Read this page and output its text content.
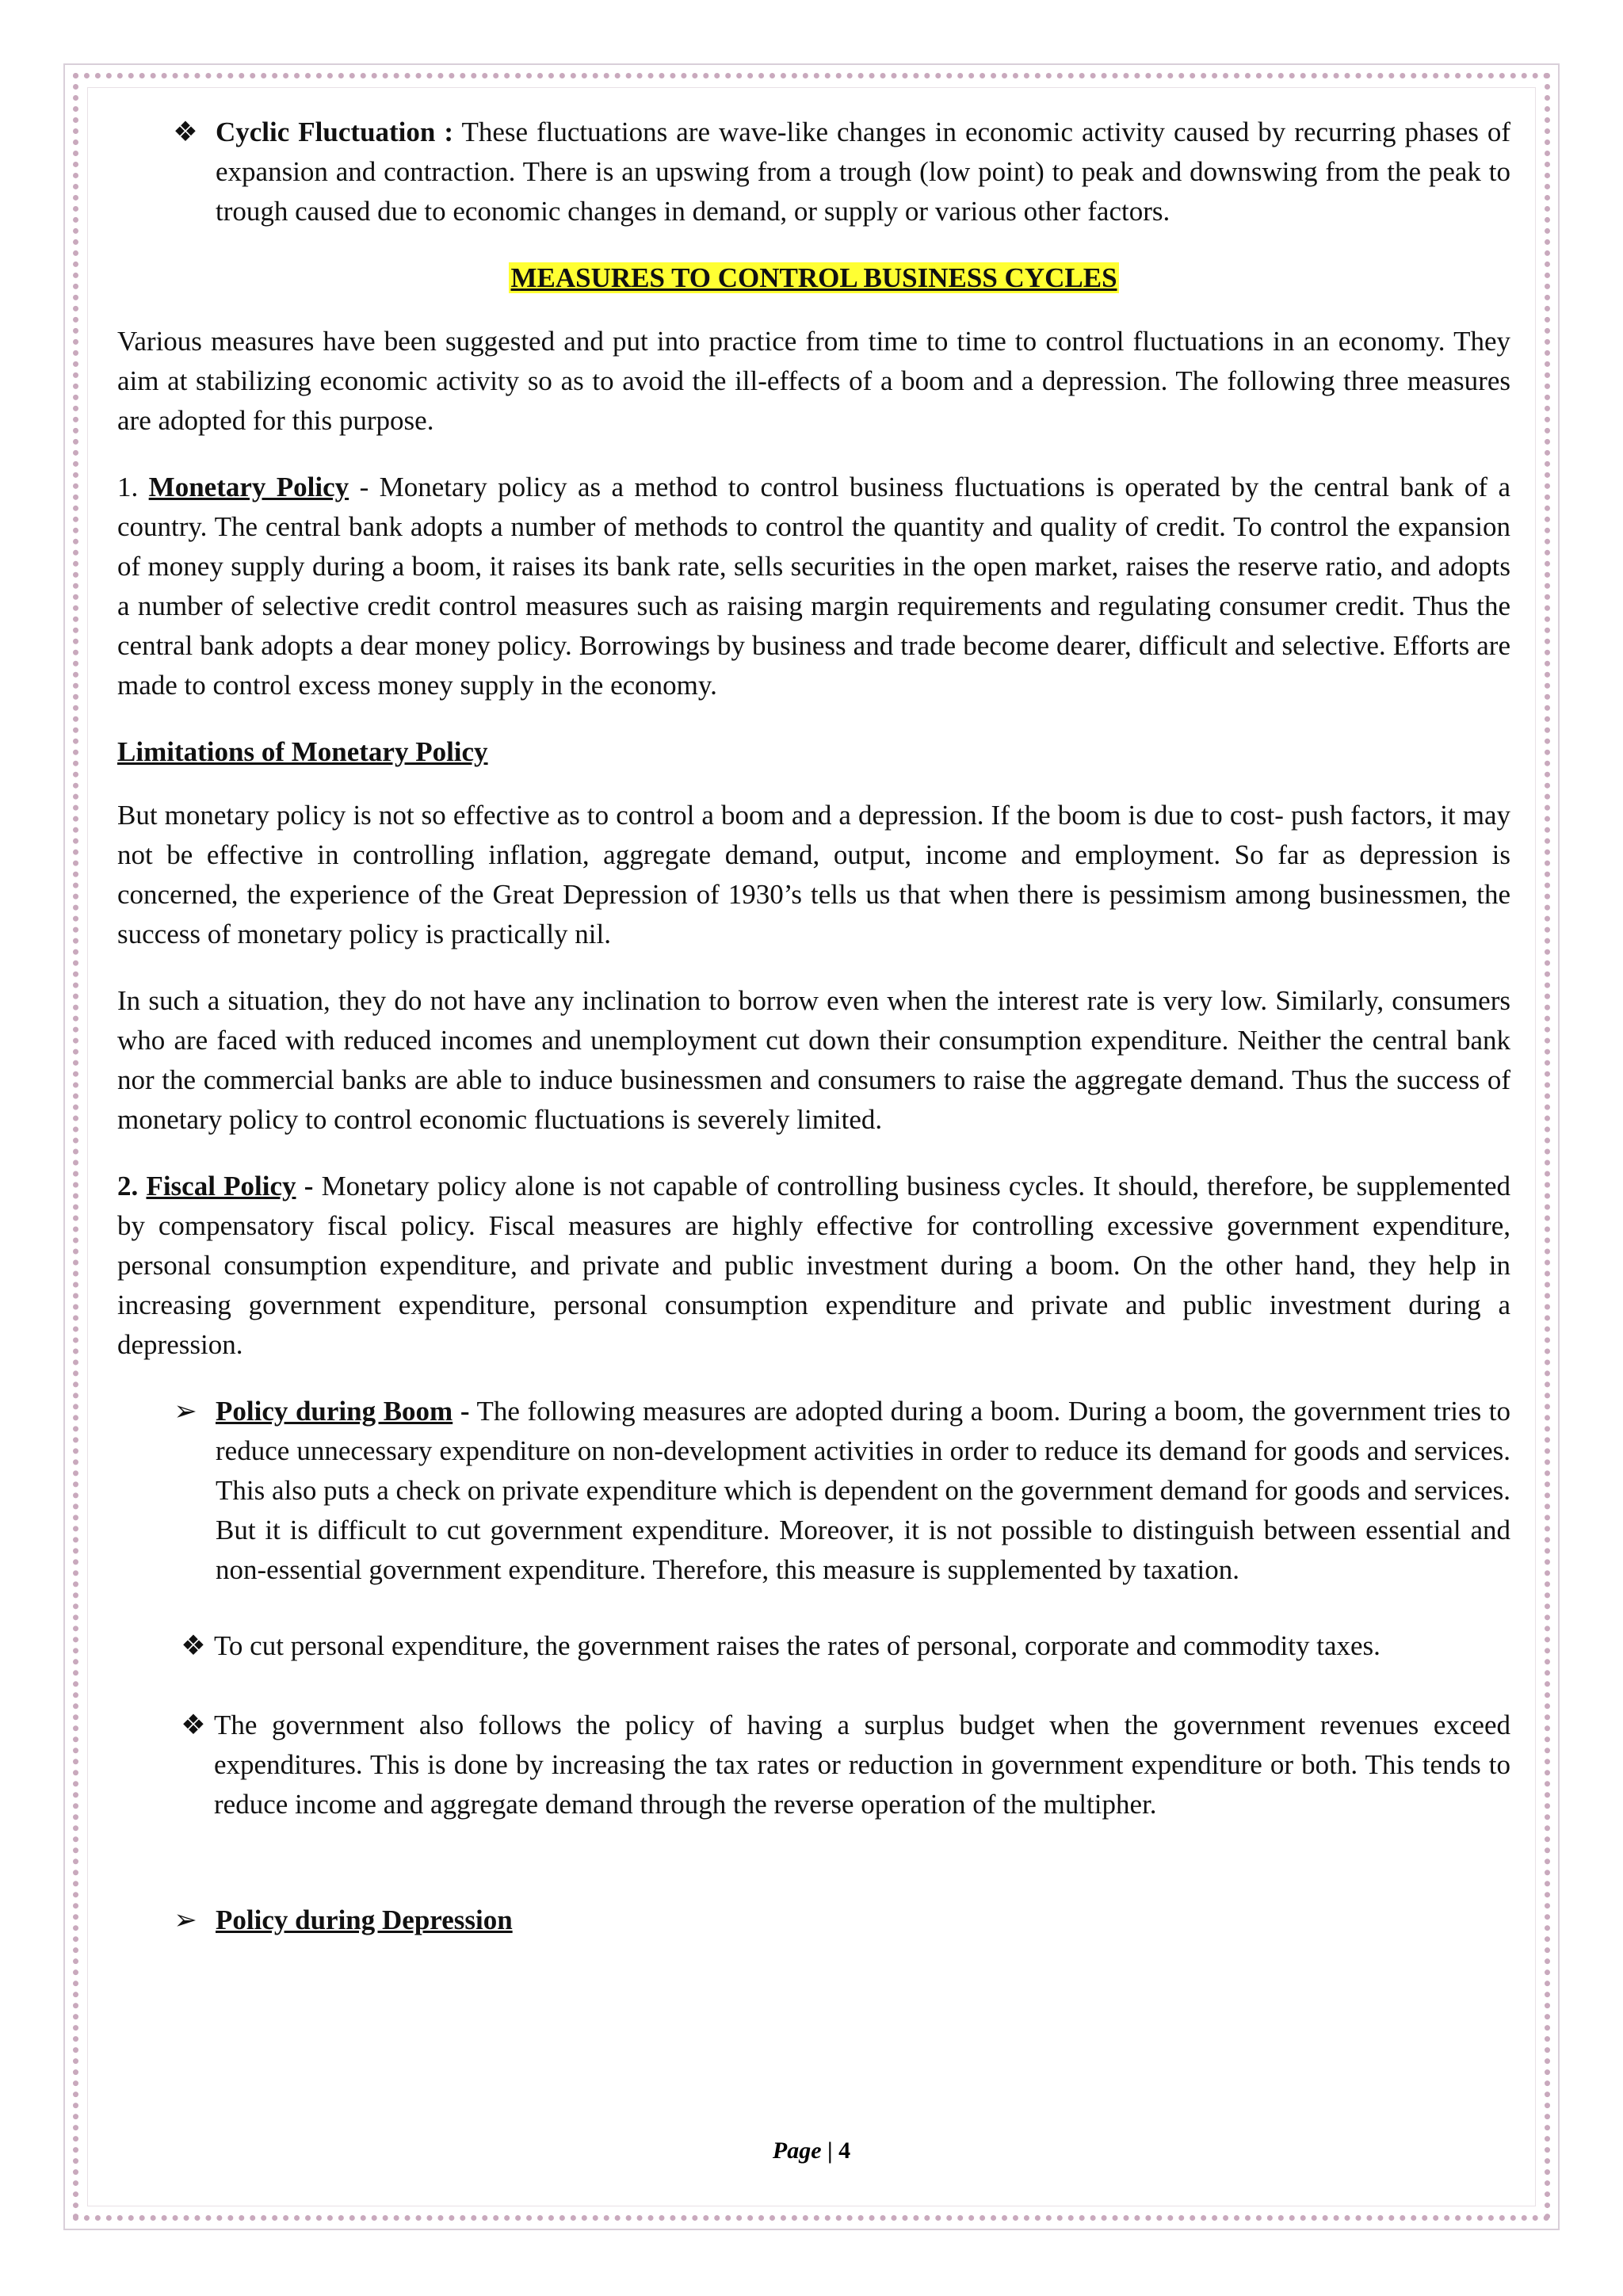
❖ Cyclic Fluctuation : These fluctuations are wave-like changes in economic activity caused by recurring phases of expansion and contraction. There is an upswing from a trough (low point) to peak and downswing from the peak to trough caused due to economic changes in demand, or supply or various other factors.
MEASURES TO CONTROL BUSINESS CYCLES

Various measures have been suggested and put into practice from time to time to control fluctuations in an economy. They aim at stabilizing economic activity so as to avoid the ill-effects of a boom and a depression. The following three measures are adopted for this purpose.

1. Monetary Policy - Monetary policy as a method to control business fluctuations is operated by the central bank of a country. The central bank adopts a number of methods to control the quantity and quality of credit. To control the expansion of money supply during a boom, it raises its bank rate, sells securities in the open market, raises the reserve ratio, and adopts a number of selective credit control measures such as raising margin requirements and regulating consumer credit. Thus the central bank adopts a dear money policy. Borrowings by business and trade become dearer, difficult and selective. Efforts are made to control excess money supply in the economy.

Limitations of Monetary Policy

But monetary policy is not so effective as to control a boom and a depression. If the boom is due to cost- push factors, it may not be effective in controlling inflation, aggregate demand, output, income and employment. So far as depression is concerned, the experience of the Great Depression of 1930’s tells us that when there is pessimism among businessmen, the success of monetary policy is practically nil.

In such a situation, they do not have any inclination to borrow even when the interest rate is very low. Similarly, consumers who are faced with reduced incomes and unemployment cut down their consumption expenditure. Neither the central bank nor the commercial banks are able to induce businessmen and consumers to raise the aggregate demand. Thus the success of monetary policy to control economic fluctuations is severely limited.

2. Fiscal Policy - Monetary policy alone is not capable of controlling business cycles. It should, therefore, be supplemented by compensatory fiscal policy. Fiscal measures are highly effective for controlling excessive government expenditure, personal consumption expenditure, and private and public investment during a boom. On the other hand, they help in increasing government expenditure, personal consumption expenditure and private and public investment during a depression.

➢ Policy during Boom - The following measures are adopted during a boom. During a boom, the government tries to reduce unnecessary expenditure on non-development activities in order to reduce its demand for goods and services. This also puts a check on private expenditure which is dependent on the government demand for goods and services. But it is difficult to cut government expenditure. Moreover, it is not possible to distinguish between essential and non-essential government expenditure. Therefore, this measure is supplemented by taxation.
❖ To cut personal expenditure, the government raises the rates of personal, corporate and commodity taxes.
❖ The government also follows the policy of having a surplus budget when the government revenues exceed expenditures. This is done by increasing the tax rates or reduction in government expenditure or both. This tends to reduce income and aggregate demand through the reverse operation of the multipher.
➢ Policy during Depression
Page | 4
